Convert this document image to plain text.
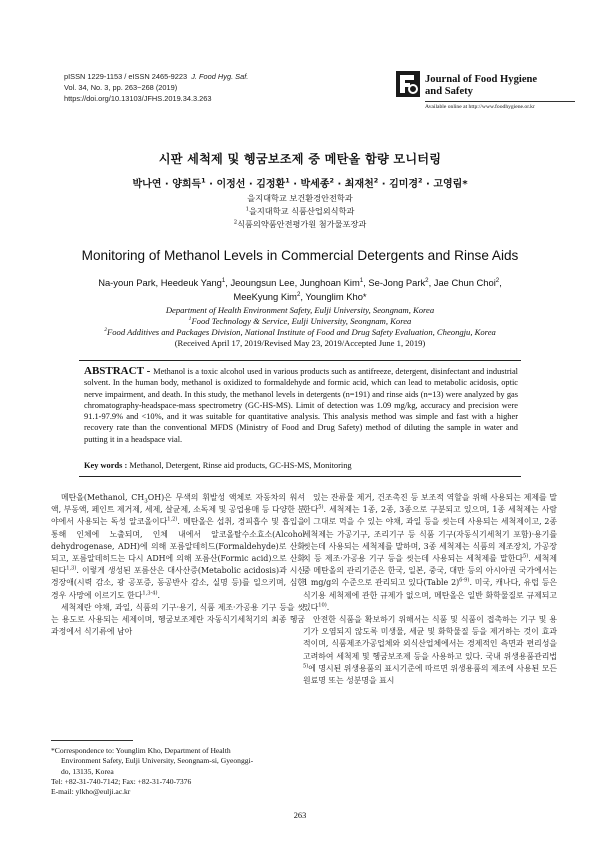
pISSN 1229-1153 / eISSN 2465-9223 J. Food Hyg. Saf.
Vol. 34, No. 3, pp. 263~268 (2019)
https://doi.org/10.13103/JFHS.2019.34.3.263
Journal of Food Hygiene
and Safety
Available online at http://www.foodhygiene.or.kr
시판 세척제 및 헹굼보조제 중 메탄올 함량 모니터링
박나연 · 양희득$^1$ · 이정선 · 김정환$^1$ · 박세종$^2$ · 최재천$^2$ · 김미경$^2$ · 고영림*
을지대학교 보건환경안전학과
$^1$을지대학교 식품산업외식학과
$^2$식품의약품안전평가원 첨가물포장과
Monitoring of Methanol Levels in Commercial Detergents and Rinse Aids
Na-youn Park, Heedeuk Yang$^1$, Jeoungsun Lee, Junghoan Kim$^1$, Se-Jong Park$^2$, Jae Chun Choi$^2$,
MeeKyung Kim$^2$, Younglim Kho*
Department of Health Environment Safety, Eulji University, Seongnam, Korea
$^1$Food Technology & Service, Eulji University, Seongnam, Korea
$^2$Food Additives and Packages Division, National Institute of Food and Drug Safety Evaluation, Cheongju, Korea
(Received April 17, 2019/Revised May 23, 2019/Accepted June 1, 2019)
ABSTRACT - Methanol is a toxic alcohol used in various products such as antifreeze, detergent, disinfectant and industrial solvent. In the human body, methanol is oxidized to formaldehyde and formic acid, which can lead to metabolic acidosis, optic nerve impairment, and death. In this study, the methanol levels in detergents (n=191) and rinse aids (n=13) were analyzed by gas chromatography-headspace-mass spectrometry (GC-HS-MS). Limit of detection was 1.09 mg/kg, accuracy and precision were 91.1-97.9% and <10%, and it was suitable for quantitative analysis. This analysis method was simple and fast with a higher recovery rate than the conventional MFDS (Ministry of Food and Drug Safety) method of diluting the sample in water and putting it in a headspace vial.
Key words : Methanol, Detergent, Rinse aid products, GC-HS-MS, Monitoring

메탄올(Methanol, $CH_3OH$)은 무색의 휘발성 액체로 자동차의 워셔액, 부동액, 페인트 제거제, 세제, 살균제, 소독제 및 공업용매 등 다양한 분야에서 사용되는 독성 알코올이다$^{1,2)}$. 메탄올은 섭취, 경피흡수 및 흡입을 통해 인체에 노출되며, 인체 내에서 알코올탈수소효소(Alcohol dehydrogenase, ADH)에 의해 포름알데히드(Formaldehyde)로 산화되고, 포름알데히드는 다시 ADH에 의해 포름산(Formic acid)으로 산화된다$^{1,3)}$. 이렇게 생성된 포름산은 대사산증(Metabolic acidosis)과 시신경장애(시력 감소, 광 공포증, 동공반사 감소, 실명 등)를 일으키며, 심한 경우 사망에 이르기도 한다$^{1,3-4)}$.

세척제란 야채, 과일, 식품의 기구·용기, 식품 제조·가공용 기구 등을 씻는 용도로 사용되는 세제이며, 헹굼보조제란 자동식기세척기의 최종 헹굼과정에서 식기류에 남아

있는 잔류물 제거, 건조촉진 등 보조적 역할을 위해 사용되는 제제를 말한다$^{5)}$. 세척제는 1종, 2종, 3종으로 구분되고 있으며, 1종 세척제는 사람이 그대로 먹을 수 있는 야채, 과일 등을 씻는데 사용되는 세척제이고, 2종 세척제는 가공기구, 조리기구 등 식품 기구(자동식기세척기 포함)·용기를 씻는데 사용되는 세척제를 말하며, 3종 세척제는 식품의 제조장치, 가공장치 등 제조·가공용 기구 등을 씻는데 사용되는 세척제를 말한다$^{5)}$. 세척제 중 메탄올의 관리기준은 한국, 일본, 중국, 대만 등의 아시아권 국가에서는 1 mg/g의 수준으로 관리되고 있다(Table 2)$^{6-9)}$. 미국, 캐나다, 유럽 등은 식기용 세척제에 관한 규제가 없으며, 메탄올은 일반 화학물질로 규제되고 있다$^{10)}$.

안전한 식품을 확보하기 위해서는 식품 및 식품이 접촉하는 기구 및 용기가 오염되지 않도록 미생물, 세균 및 화학물질 등을 제거하는 것이 효과적이며, 식품제조가공업체와 외식산업체에서는 경제적인 측면과 편리성을 고려하여 세척제 및 헹굼보조제 등을 사용하고 있다. 국내 위생용품관리법$^{5)}$에 명시된 위생용품의 표시기준에 따르면 위생용품의 제조에 사용된 모든 원료명 또는 성분명을 표시

*Correspondence to: Younglim Kho, Department of Health
Environment Safety, Eulji University, Seongnam-si, Gyeonggi-
do, 13135, Korea
Tel: +82-31-740-7142; Fax: +82-31-740-7376
E-mail: ylkho@eulji.ac.kr
263
